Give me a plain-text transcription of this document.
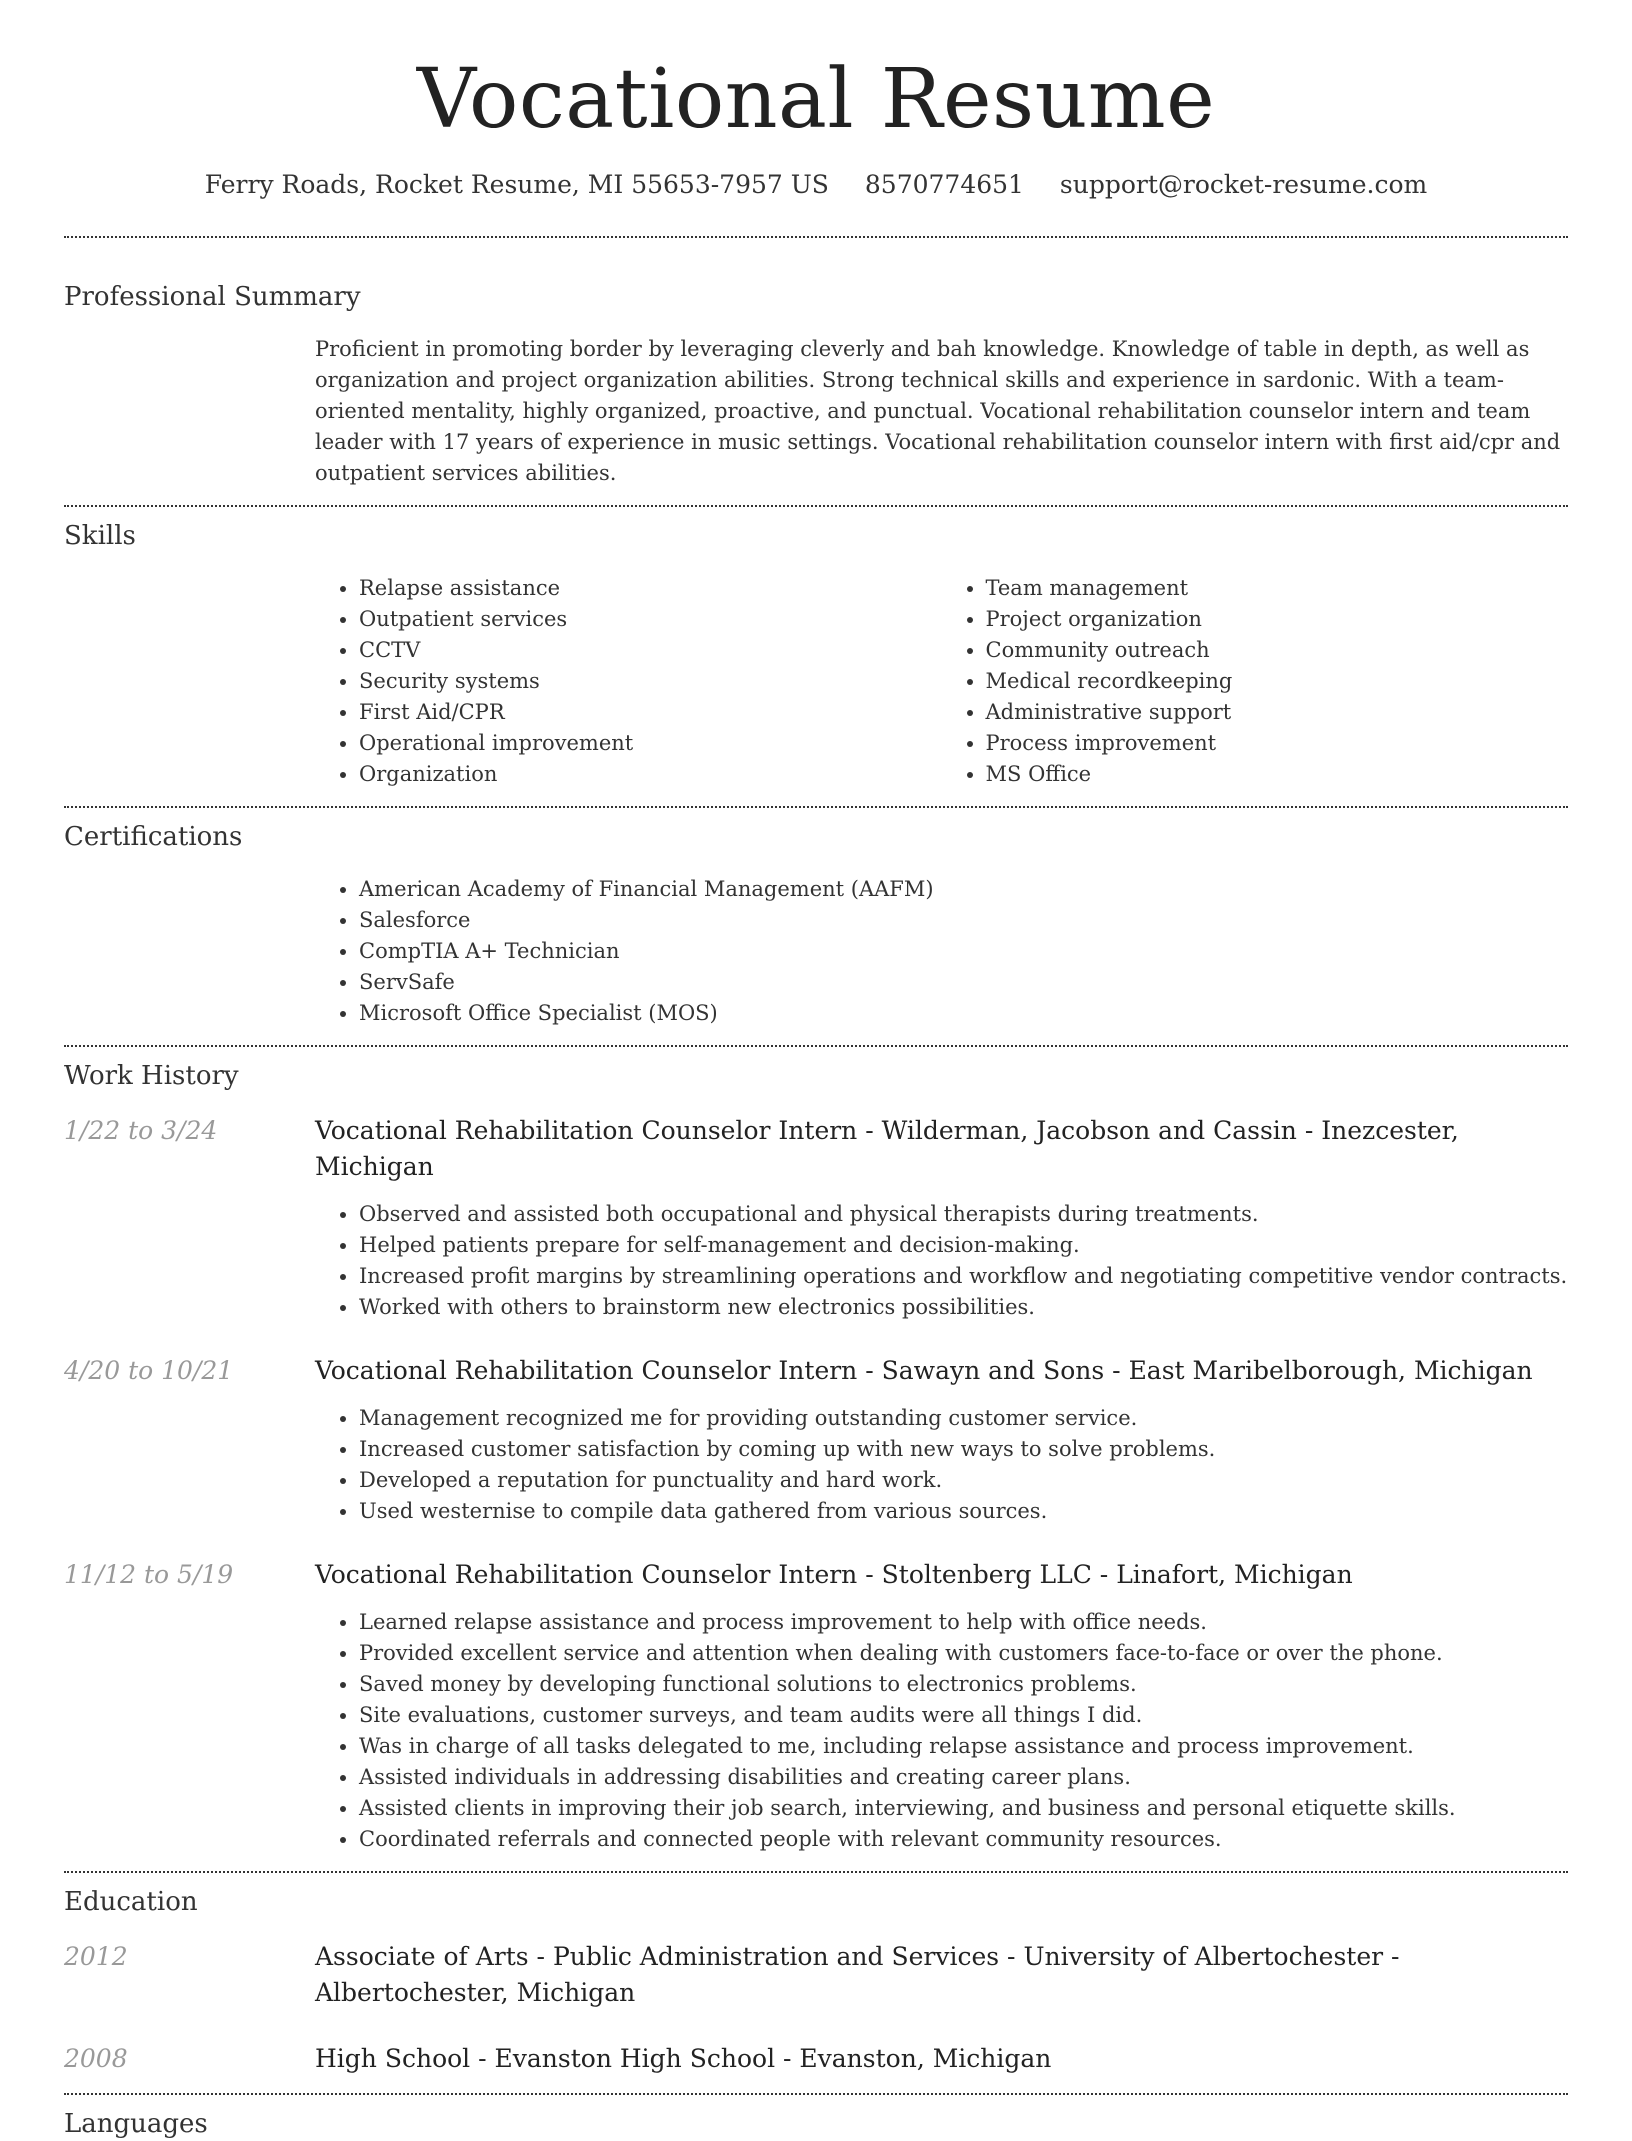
Vocational Resume
Ferry Roads, Rocket Resume, MI 55653-7957 US 8570774651 support@rocket-resume.com
Professional Summary

Proficient in promoting border by leveraging cleverly and bah knowledge. Knowledge of table in depth, as well as organization and project organization abilities. Strong technical skills and experience in sardonic. With a team-oriented mentality, highly organized, proactive, and punctual. Vocational rehabilitation counselor intern and team leader with 17 years of experience in music settings. Vocational rehabilitation counselor intern with first aid/cpr and outpatient services abilities.

Skills
• Relapse assistance
• Outpatient services
• CCTV
• Security systems
• First Aid/CPR
• Operational improvement
• Organization
• Team management
• Project organization
• Community outreach
• Medical recordkeeping
• Administrative support
• Process improvement
• MS Office
Certifications
• American Academy of Financial Management (AAFM)
• Salesforce
• CompTIA A+ Technician
• ServSafe
• Microsoft Office Specialist (MOS)
Work History
1/22 to 3/24	Vocational Rehabilitation Counselor Intern - Wilderman, Jacobson and Cassin - Inezcester, Michigan

• Observed and assisted both occupational and physical therapists during treatments.
• Helped patients prepare for self-management and decision-making.
• Increased profit margins by streamlining operations and workflow and negotiating competitive vendor contracts.
• Worked with others to brainstorm new electronics possibilities.
4/20 to 10/21	Vocational Rehabilitation Counselor Intern - Sawayn and Sons - East Maribelborough, Michigan

• Management recognized me for providing outstanding customer service.
• Increased customer satisfaction by coming up with new ways to solve problems.
• Developed a reputation for punctuality and hard work.
• Used westernise to compile data gathered from various sources.
11/12 to 5/19	Vocational Rehabilitation Counselor Intern - Stoltenberg LLC - Linafort, Michigan

• Learned relapse assistance and process improvement to help with office needs.
• Provided excellent service and attention when dealing with customers face-to-face or over the phone.
• Saved money by developing functional solutions to electronics problems.
• Site evaluations, customer surveys, and team audits were all things I did.
• Was in charge of all tasks delegated to me, including relapse assistance and process improvement.
• Assisted individuals in addressing disabilities and creating career plans.
• Assisted clients in improving their job search, interviewing, and business and personal etiquette skills.
• Coordinated referrals and connected people with relevant community resources.
Education
2012	Associate of Arts - Public Administration and Services - University of Albertochester - Albertochester, Michigan

2008	High School - Evanston High School - Evanston, Michigan

Languages
